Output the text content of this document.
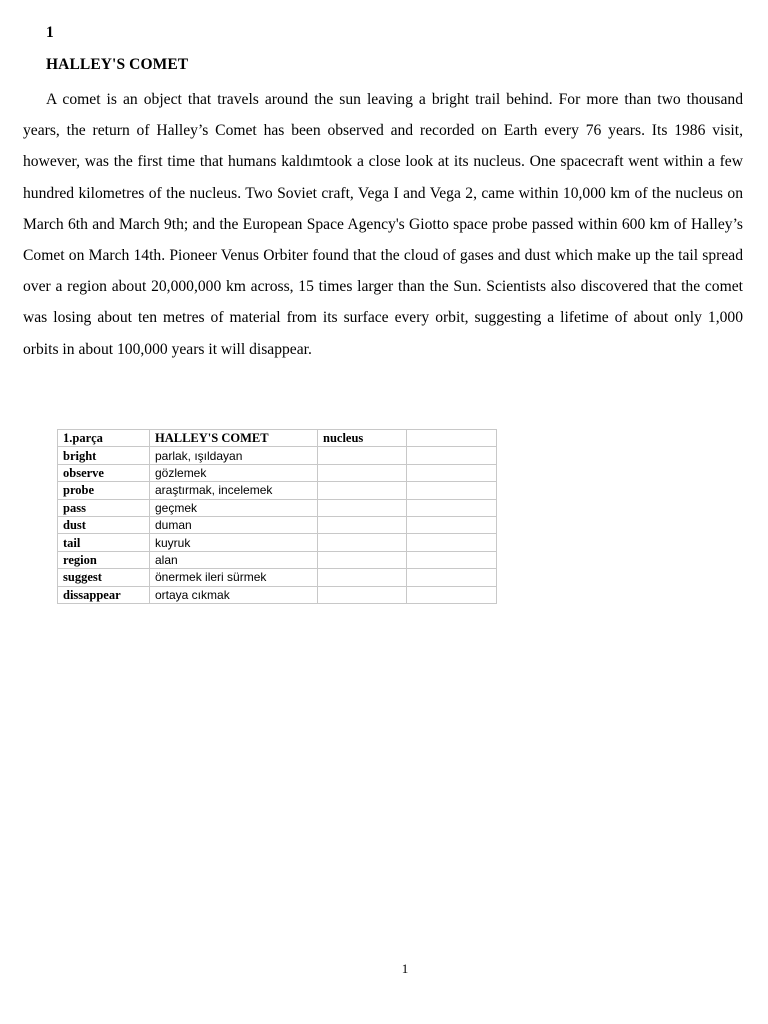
1
HALLEY'S COMET

A comet is an object that travels around the sun leaving a bright trail behind. For more than two thousand years, the return of Halley’s Comet has been observed and recorded on Earth every 76 years. Its 1986 visit, however, was the first time that humans kaldımtook a close look at its nucleus. One spacecraft went within a few hundred kilometres of the nucleus. Two Soviet craft, Vega I and Vega 2, came within 10,000 km of the nucleus on March 6th and March 9th; and the European Space Agency's Giotto space probe passed within 600 km of Halley’s Comet on March 14th. Pioneer Venus Orbiter found that the cloud of gases and dust which make up the tail spread over a region about 20,000,000 km across, 15 times larger than the Sun. Scientists also discovered that the comet was losing about ten metres of material from its surface every orbit, suggesting a lifetime of about only 1,000 orbits in about 100,000 years it will disappear.

1.parça	HALLEY'S COMET	nucleus	
bright	parlak, ışıldayan		
observe	gözlemek		
probe	araştırmak, incelemek		
pass	geçmek		
dust	duman		
tail	kuyruk		
region	alan		
suggest	önermek ileri sürmek		
dissappear	ortaya cıkmak		
1
